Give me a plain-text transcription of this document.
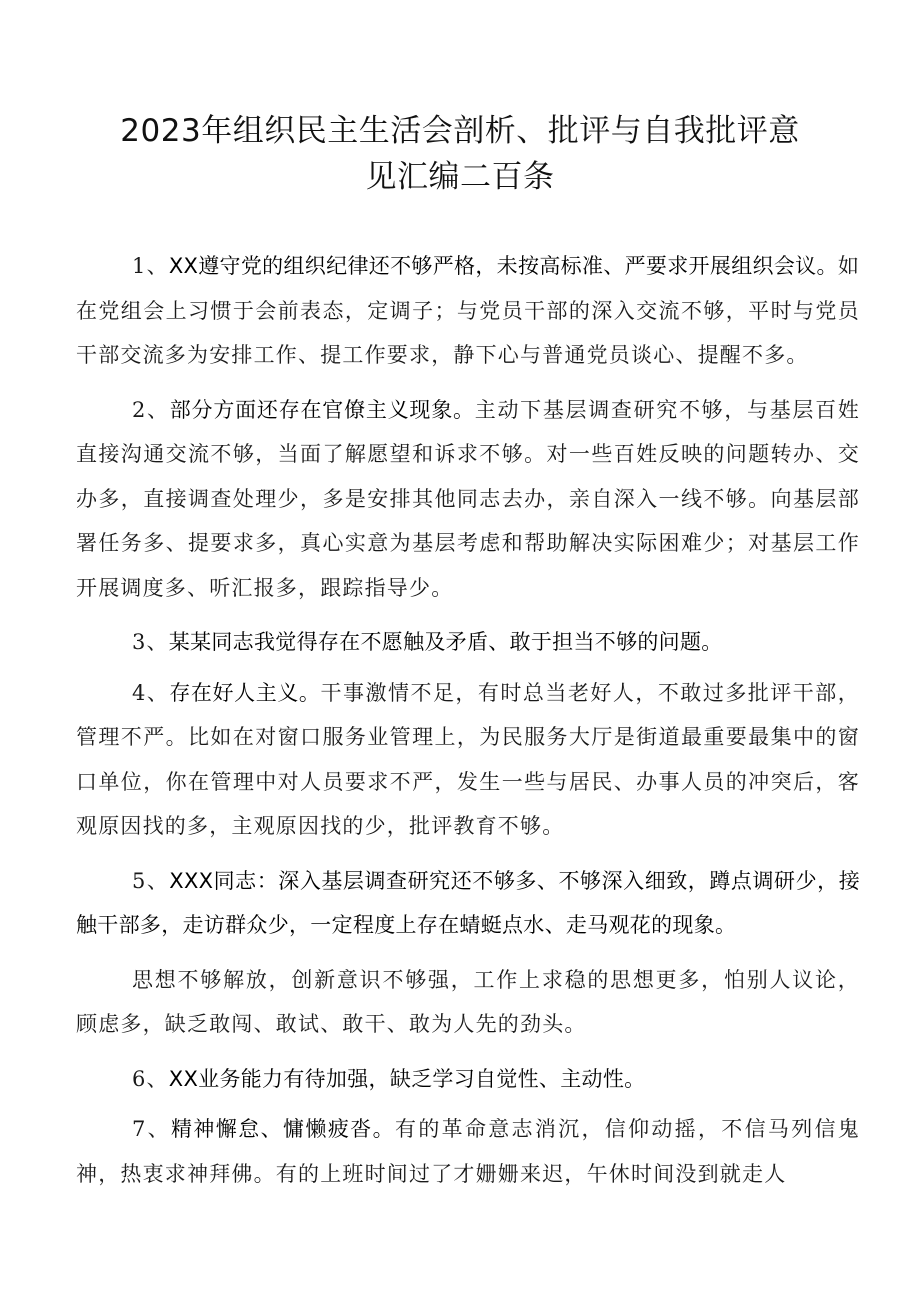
2023年组织民主生活会剖析、批评与自我批评意
见汇编二百条

1、XX遵守党的组织纪律还不够严格，未按高标准、严要求开展组织会议。如在党组会上习惯于会前表态，定调子；与党员干部的深入交流不够，平时与党员干部交流多为安排工作、提工作要求，静下心与普通党员谈心、提醒不多。

2、部分方面还存在官僚主义现象。主动下基层调查研究不够，与基层百姓直接沟通交流不够，当面了解愿望和诉求不够。对一些百姓反映的问题转办、交办多，直接调查处理少，多是安排其他同志去办，亲自深入一线不够。向基层部署任务多、提要求多，真心实意为基层考虑和帮助解决实际困难少；对基层工作开展调度多、听汇报多，跟踪指导少。

3、某某同志我觉得存在不愿触及矛盾、敢于担当不够的问题。

4、存在好人主义。干事激情不足，有时总当老好人，不敢过多批评干部，管理不严。比如在对窗口服务业管理上，为民服务大厅是街道最重要最集中的窗口单位，你在管理中对人员要求不严，发生一些与居民、办事人员的冲突后，客观原因找的多，主观原因找的少，批评教育不够。

5、XXX同志：深入基层调查研究还不够多、不够深入细致，蹲点调研少，接触干部多，走访群众少，一定程度上存在蜻蜓点水、走马观花的现象。

思想不够解放，创新意识不够强，工作上求稳的思想更多，怕别人议论，顾虑多，缺乏敢闯、敢试、敢干、敢为人先的劲头。

6、XX业务能力有待加强，缺乏学习自觉性、主动性。

7、精神懈怠、慵懒疲沓。有的革命意志消沉，信仰动摇，不信马列信鬼神，热衷求神拜佛。有的上班时间过了才姗姗来迟，午休时间没到就走人
